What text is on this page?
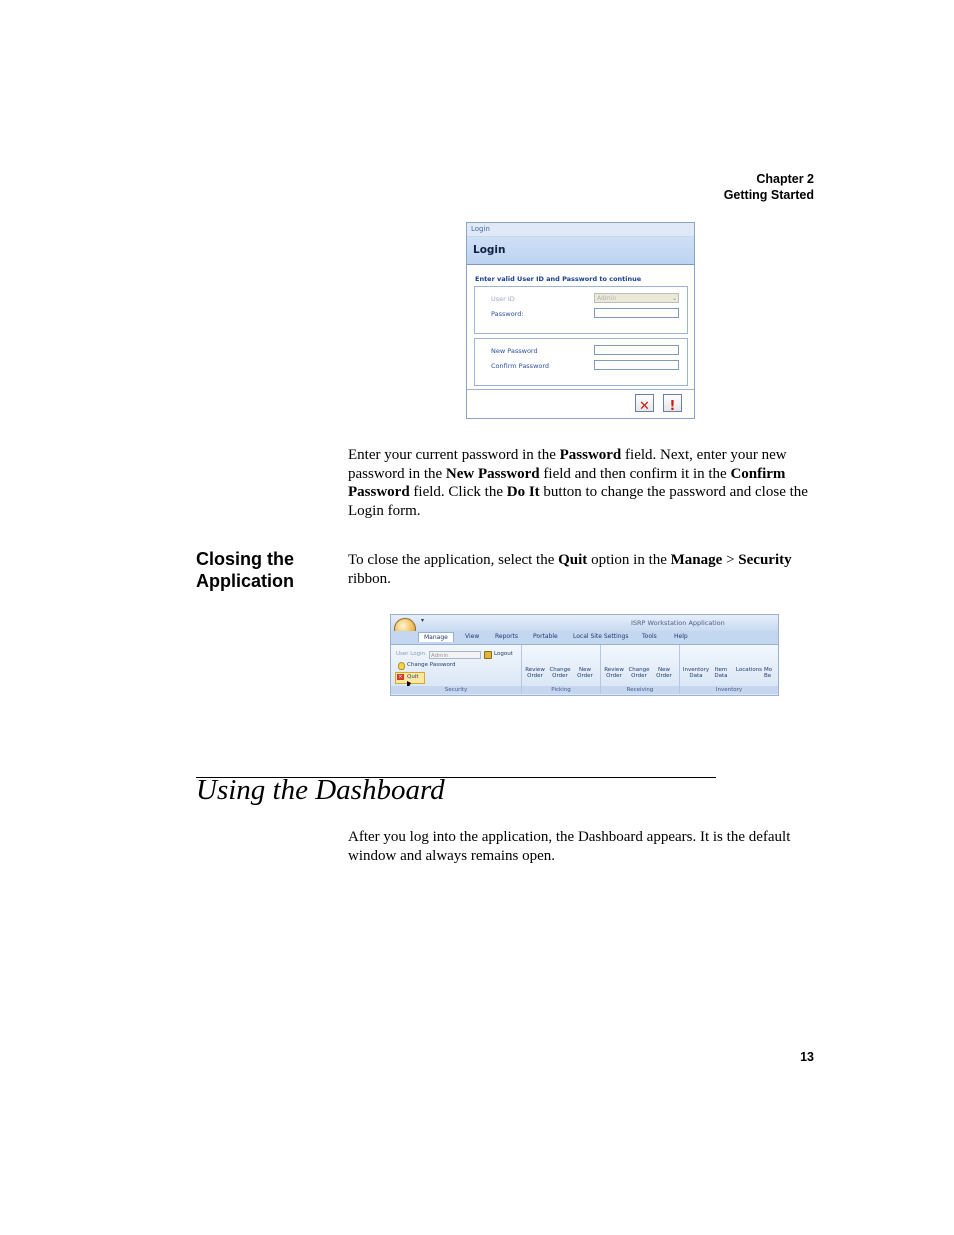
Chapter 2
Getting Started
Login
Login
Enter valid User ID and Password to continue
User ID	Admin	⌄
Password:
New Password
Confirm Password
✕	!
Enter your current password in the Password field. Next, enter your new password in the New Password field and then confirm it in the Confirm Password field. Click the Do It button to change the password and close the Login form.
Closing the
Application
To close the application, select the Quit option in the Manage > Security ribbon.
▾	ISRP Workstation Application
Manage	View	Reports Portable	Local Site Settings Tools	Help
User Login	Admin	Logout
Change Password
× Quit
Security
Review Order
Change Order
New Order
Picking
Review Order
Change Order
New Order
Receiving
Inventory Data
Item Data
Locations Mo Be
Inventory
Using the Dashboard
After you log into the application, the Dashboard appears. It is the default window and always remains open.
13
